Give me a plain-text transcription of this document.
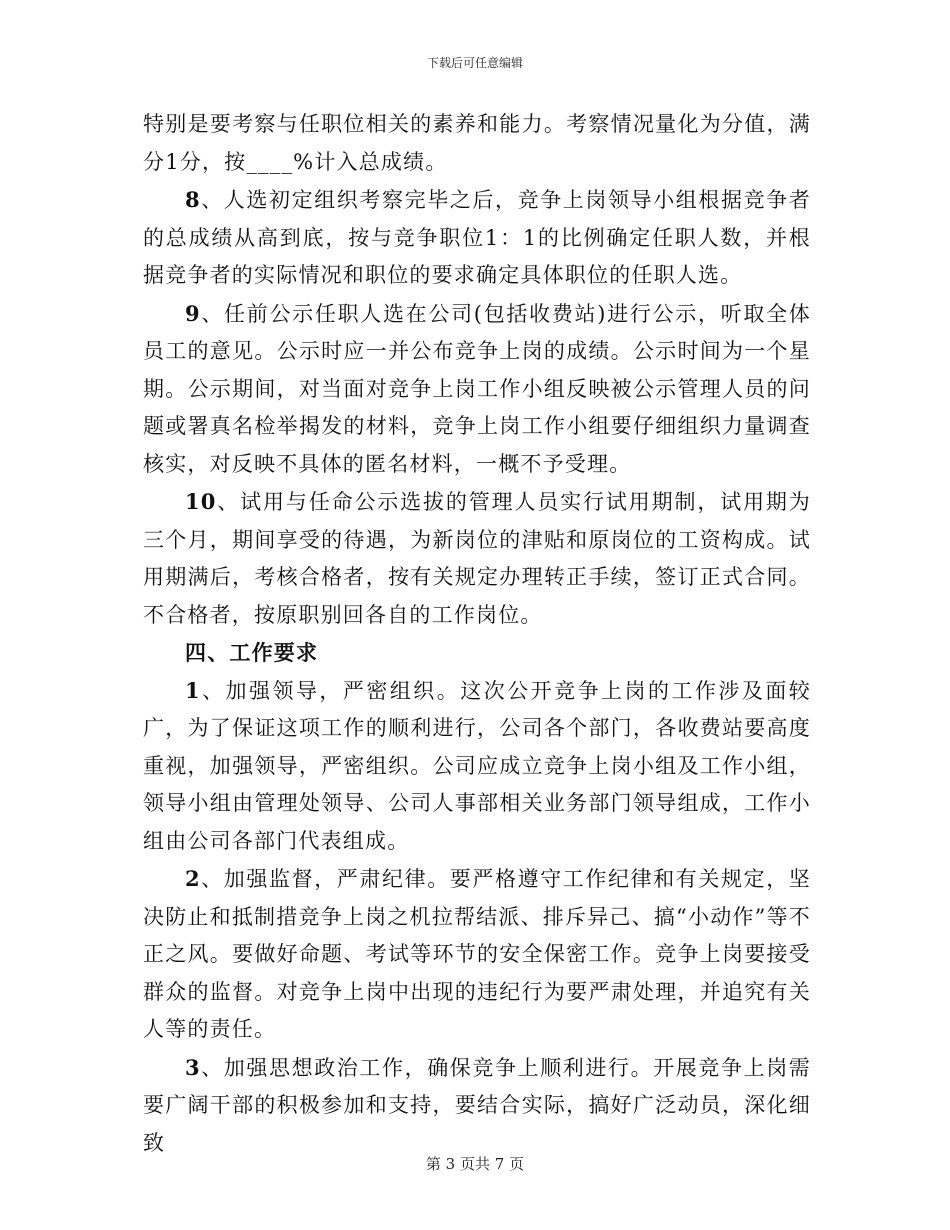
下载后可任意编辑

特别是要考察与任职位相关的素养和能力。考察情况量化为分值，满分1分，按____%计入总成绩。

8、人选初定组织考察完毕之后，竞争上岗领导小组根据竞争者的总成绩从高到底，按与竞争职位1：1的比例确定任职人数，并根据竞争者的实际情况和职位的要求确定具体职位的任职人选。

9、任前公示任职人选在公司(包括收费站)进行公示，听取全体员工的意见。公示时应一并公布竞争上岗的成绩。公示时间为一个星期。公示期间，对当面对竞争上岗工作小组反映被公示管理人员的问题或署真名检举揭发的材料，竞争上岗工作小组要仔细组织力量调查核实，对反映不具体的匿名材料，一概不予受理。

10、试用与任命公示选拔的管理人员实行试用期制，试用期为三个月，期间享受的待遇，为新岗位的津贴和原岗位的工资构成。试用期满后，考核合格者，按有关规定办理转正手续，签订正式合同。不合格者，按原职别回各自的工作岗位。

四、工作要求

1、加强领导，严密组织。这次公开竞争上岗的工作涉及面较广，为了保证这项工作的顺利进行，公司各个部门，各收费站要高度重视，加强领导，严密组织。公司应成立竞争上岗小组及工作小组，领导小组由管理处领导、公司人事部相关业务部门领导组成，工作小组由公司各部门代表组成。

2、加强监督，严肃纪律。要严格遵守工作纪律和有关规定，坚决防止和抵制措竞争上岗之机拉帮结派、排斥异己、搞“小动作”等不正之风。要做好命题、考试等环节的安全保密工作。竞争上岗要接受群众的监督。对竞争上岗中出现的违纪行为要严肃处理，并追究有关人等的责任。

3、加强思想政治工作，确保竞争上顺利进行。开展竞争上岗需要广阔干部的积极参加和支持，要结合实际，搞好广泛动员，深化细致

第 3 页共 7 页
